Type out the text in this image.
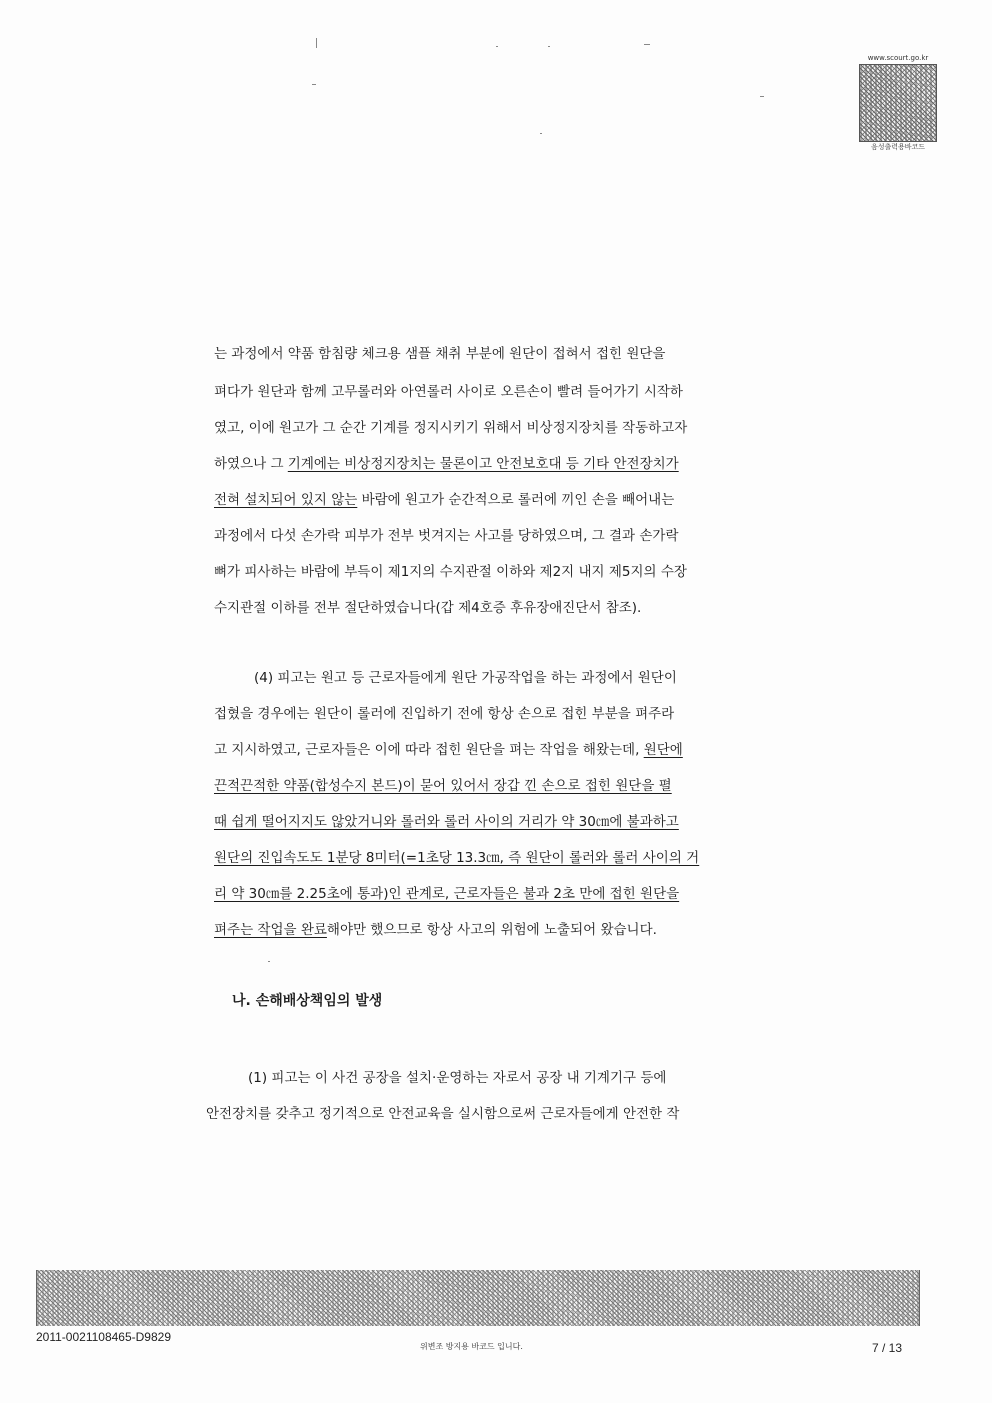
www.scourt.go.kr
음성출력용바코드
는 과정에서 약품 함침량 체크용 샘플 채취 부분에 원단이 접혀서 접힌 원단을
펴다가 원단과 함께 고무롤러와 아연롤러 사이로 오른손이 빨려 들어가기 시작하
였고, 이에 원고가 그 순간 기계를 정지시키기 위해서 비상정지장치를 작동하고자
하였으나 그 기계에는 비상정지장치는 물론이고 안전보호대 등 기타 안전장치가
전혀 설치되어 있지 않는 바람에 원고가 순간적으로 롤러에 끼인 손을 빼어내는
과정에서 다섯 손가락 피부가 전부 벗겨지는 사고를 당하였으며, 그 결과 손가락
뼈가 피사하는 바람에 부득이 제1지의 수지관절 이하와 제2지 내지 제5지의 수장
수지관절 이하를 전부 절단하였습니다(갑 제4호증 후유장애진단서 참조).
(4) 피고는 원고 등 근로자들에게 원단 가공작업을 하는 과정에서 원단이
접혔을 경우에는 원단이 롤러에 진입하기 전에 항상 손으로 접힌 부분을 펴주라
고 지시하였고, 근로자들은 이에 따라 접힌 원단을 펴는 작업을 해왔는데, 원단에
끈적끈적한 약품(합성수지 본드)이 묻어 있어서 장갑 낀 손으로 접힌 원단을 펼
때 쉽게 떨어지지도 않았거니와 롤러와 롤러 사이의 거리가 약 30㎝에 불과하고
원단의 진입속도도 1분당 8미터(=1초당 13.3㎝, 즉 원단이 롤러와 롤러 사이의 거
리 약 30㎝를 2.25초에 통과)인 관계로, 근로자들은 불과 2초 만에 접힌 원단을
펴주는 작업을 완료해야만 했으므로 항상 사고의 위험에 노출되어 왔습니다.
나. 손해배상책임의 발생
(1) 피고는 이 사건 공장을 설치·운영하는 자로서 공장 내 기계기구 등에
안전장치를 갖추고 정기적으로 안전교육을 실시함으로써 근로자들에게 안전한 작
2011-0021108465-D9829
위변조 방지용 바코드 입니다.	7 / 13
